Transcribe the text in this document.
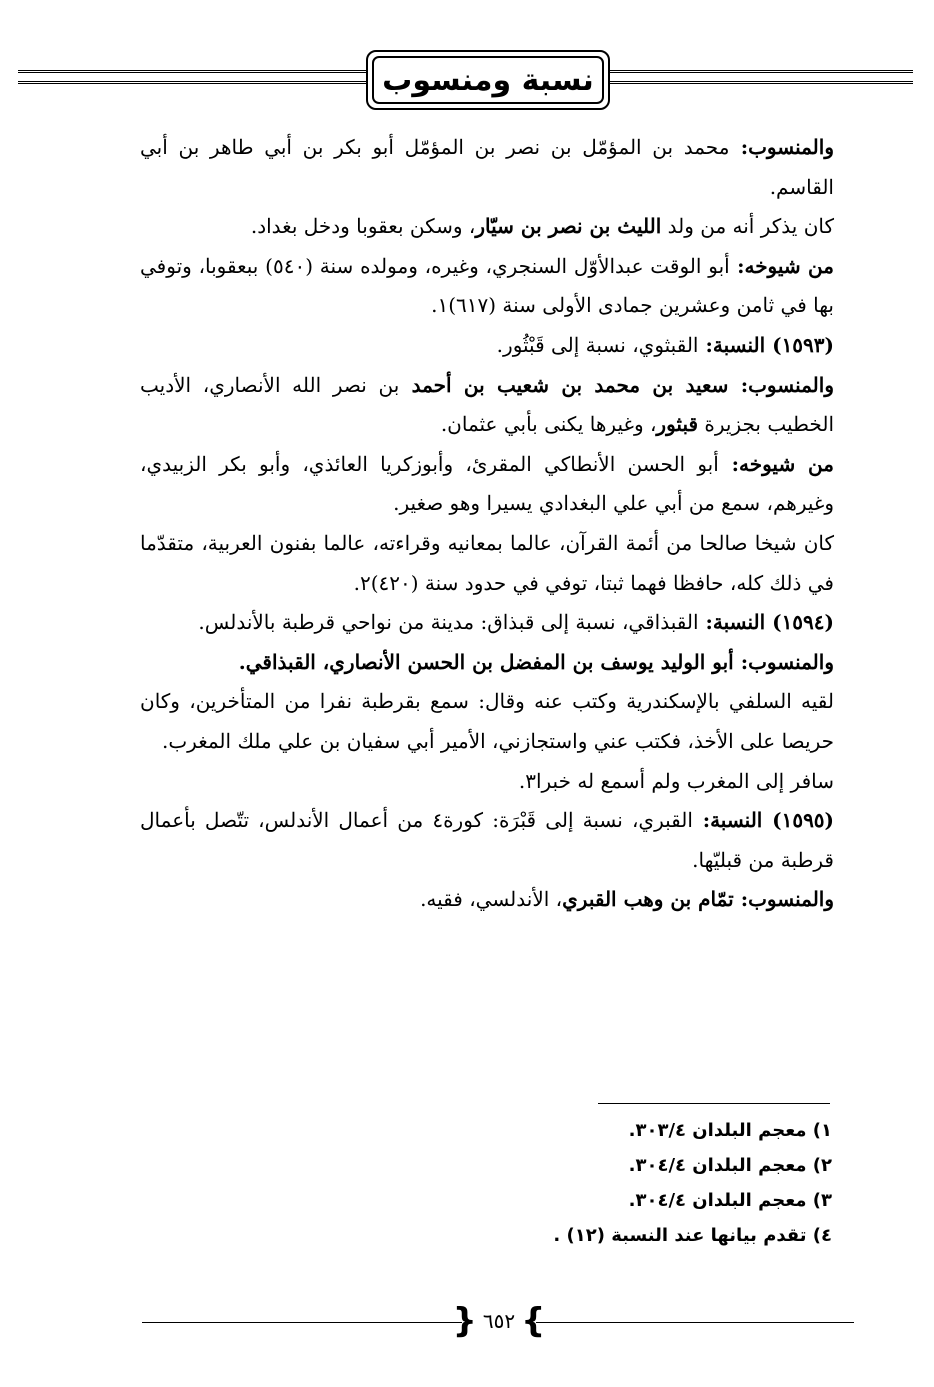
نسبة ومنسوب

والمنسوب: محمد بن المؤمّل بن نصر بن المؤمّل أبو بكر بن أبي طاهر بن أبي القاسم.

كان يذكر أنه من ولد الليث بن نصر بن سيّار، وسكن بعقوبا ودخل بغداد.

من شيوخه: أبو الوقت عبدالأوّل السنجري، وغيره، ومولده سنة (٥٤٠) ببعقوبا، وتوفي بها في ثامن وعشرين جمادى الأولى سنة (٦١٧)١.

(١٥٩٣) النسبة: القبثوي، نسبة إلى قَبْثُور.

والمنسوب: سعيد بن محمد بن شعيب بن أحمد بن نصر الله الأنصاري، الأديب الخطيب بجزيرة قبثور، وغيرها يكنى بأبي عثمان.

من شيوخه: أبو الحسن الأنطاكي المقرئ، وأبوزكريا العائذي، وأبو بكر الزبيدي، وغيرهم، سمع من أبي علي البغدادي يسيرا وهو صغير.

كان شيخا صالحا من أئمة القرآن، عالما بمعانيه وقراءته، عالما بفنون العربية، متقدّما في ذلك كله، حافظا فهما ثبتا، توفي في حدود سنة (٤٢٠)٢.

(١٥٩٤) النسبة: القبذاقي، نسبة إلى قبذاق: مدينة من نواحي قرطبة بالأندلس.

والمنسوب: أبو الوليد يوسف بن المفضل بن الحسن الأنصاري، القبذاقي.

لقيه السلفي بالإسكندرية وكتب عنه وقال: سمع بقرطبة نفرا من المتأخرين، وكان حريصا على الأخذ، فكتب عني واستجازني، الأمير أبي سفيان بن علي ملك المغرب.

سافر إلى المغرب ولم أسمع له خبرا٣.

(١٥٩٥) النسبة: القبري، نسبة إلى قَبْرَة: كورة٤ من أعمال الأندلس، تتّصل بأعمال قرطبة من قبليّها.

والمنسوب: تمّام بن وهب القبري، الأندلسي، فقيه.

١) معجم البلدان ٣٠٣/٤.
٢) معجم البلدان ٣٠٤/٤.
٣) معجم البلدان ٣٠٤/٤.
٤) تقدم بيانها عند النسبة (١٢) .
} ٦٥٢ {
